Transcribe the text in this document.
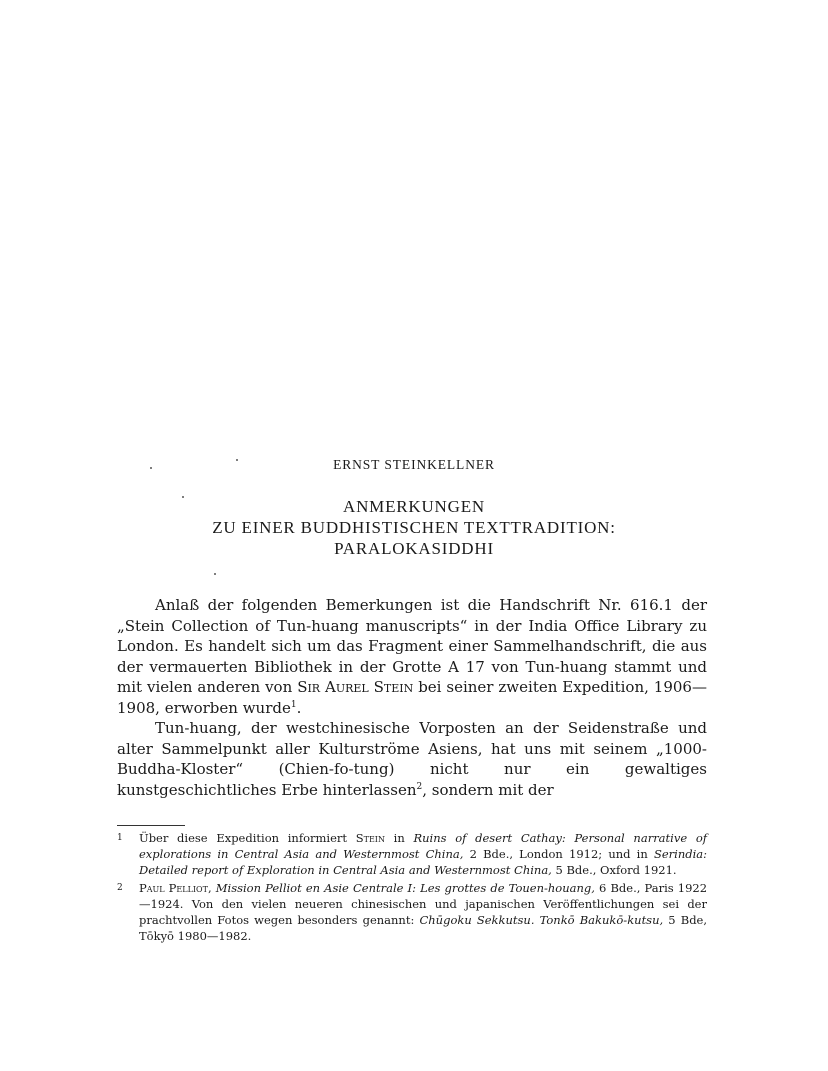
ERNST STEINKELLNER
ANMERKUNGEN
ZU EINER BUDDHISTISCHEN TEXTTRADITION:
PARALOKASIDDHI

Anlaß der folgenden Bemerkungen ist die Handschrift Nr. 616.1 der „Stein Collection of Tun-huang manuscripts“ in der India Office Library zu London. Es handelt sich um das Fragment einer Sammelhandschrift, die aus der vermauerten Bibliothek in der Grotte A 17 von Tun-huang stammt und mit vielen anderen von Sir Aurel Stein bei seiner zweiten Expedition, 1906—1908, erworben wurde$^1$.

Tun-huang, der westchinesische Vorposten an der Seidenstraße und alter Sammelpunkt aller Kulturströme Asiens, hat uns mit seinem „1000-Buddha-Kloster“ (Chien-fo-tung) nicht nur ein gewaltiges kunstgeschichtliches Erbe hinterlassen$^2$, sondern mit der

1 Über diese Expedition informiert Stein in Ruins of desert Cathay: Personal narrative of explorations in Central Asia and Westernmost China, 2 Bde., London 1912; und in Serindia: Detailed report of Exploration in Central Asia and Westernmost China, 5 Bde., Oxford 1921.
2 Paul Pelliot, Mission Pelliot en Asie Centrale I: Les grottes de Touen-houang, 6 Bde., Paris 1922—1924. Von den vielen neueren chinesischen und japanischen Veröffentlichungen sei der prachtvollen Fotos wegen besonders genannt: Chūgoku Sekkutsu. Tonkō Bakukō-kutsu, 5 Bde, Tōkyō 1980—1982.
